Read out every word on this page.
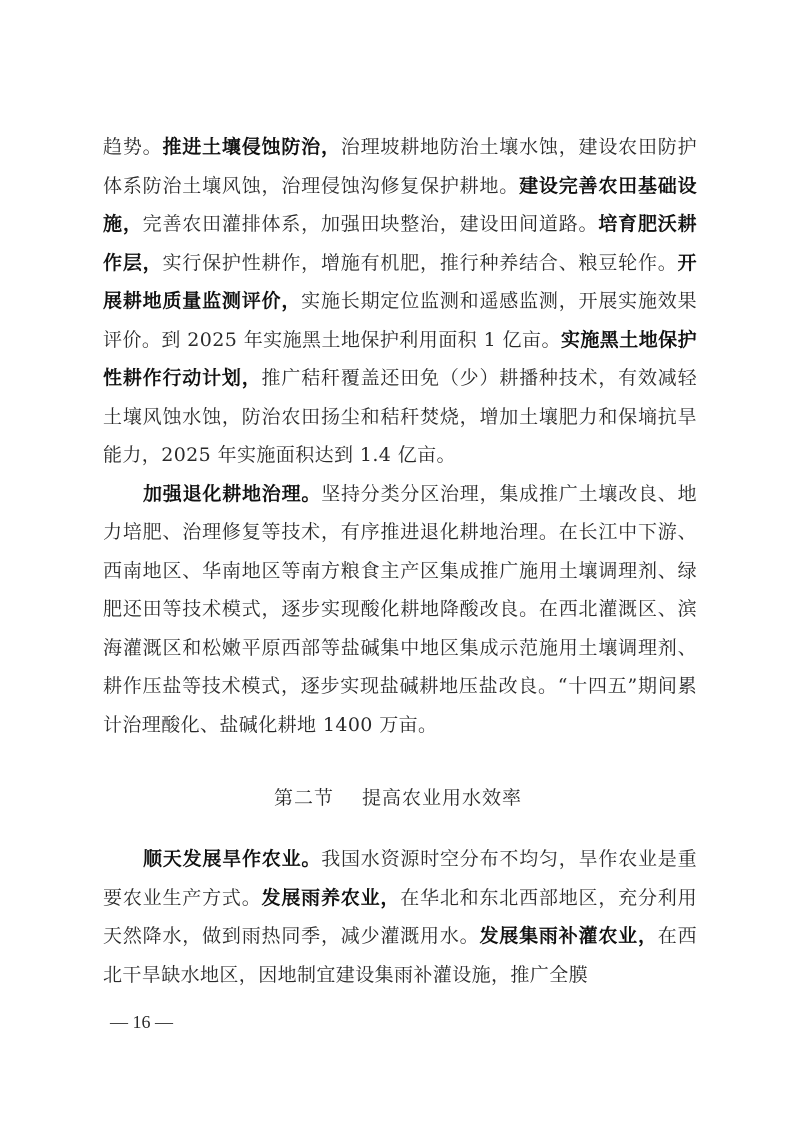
趋势。推进土壤侵蚀防治，治理坡耕地防治土壤水蚀，建设农田防护体系防治土壤风蚀，治理侵蚀沟修复保护耕地。建设完善农田基础设施，完善农田灌排体系，加强田块整治，建设田间道路。培育肥沃耕作层，实行保护性耕作，增施有机肥，推行种养结合、粮豆轮作。开展耕地质量监测评价，实施长期定位监测和遥感监测，开展实施效果评价。到 2025 年实施黑土地保护利用面积 1 亿亩。实施黑土地保护性耕作行动计划，推广秸秆覆盖还田免（少）耕播种技术，有效减轻土壤风蚀水蚀，防治农田扬尘和秸秆焚烧，增加土壤肥力和保墒抗旱能力，2025 年实施面积达到 1.4 亿亩。

加强退化耕地治理。坚持分类分区治理，集成推广土壤改良、地力培肥、治理修复等技术，有序推进退化耕地治理。在长江中下游、西南地区、华南地区等南方粮食主产区集成推广施用土壤调理剂、绿肥还田等技术模式，逐步实现酸化耕地降酸改良。在西北灌溉区、滨海灌溉区和松嫩平原西部等盐碱集中地区集成示范施用土壤调理剂、耕作压盐等技术模式，逐步实现盐碱耕地压盐改良。“十四五”期间累计治理酸化、盐碱化耕地 1400 万亩。

第二节 提高农业用水效率

顺天发展旱作农业。我国水资源时空分布不均匀，旱作农业是重要农业生产方式。发展雨养农业，在华北和东北西部地区，充分利用天然降水，做到雨热同季，减少灌溉用水。发展集雨补灌农业，在西北干旱缺水地区，因地制宜建设集雨补灌设施，推广全膜

— 16 —
